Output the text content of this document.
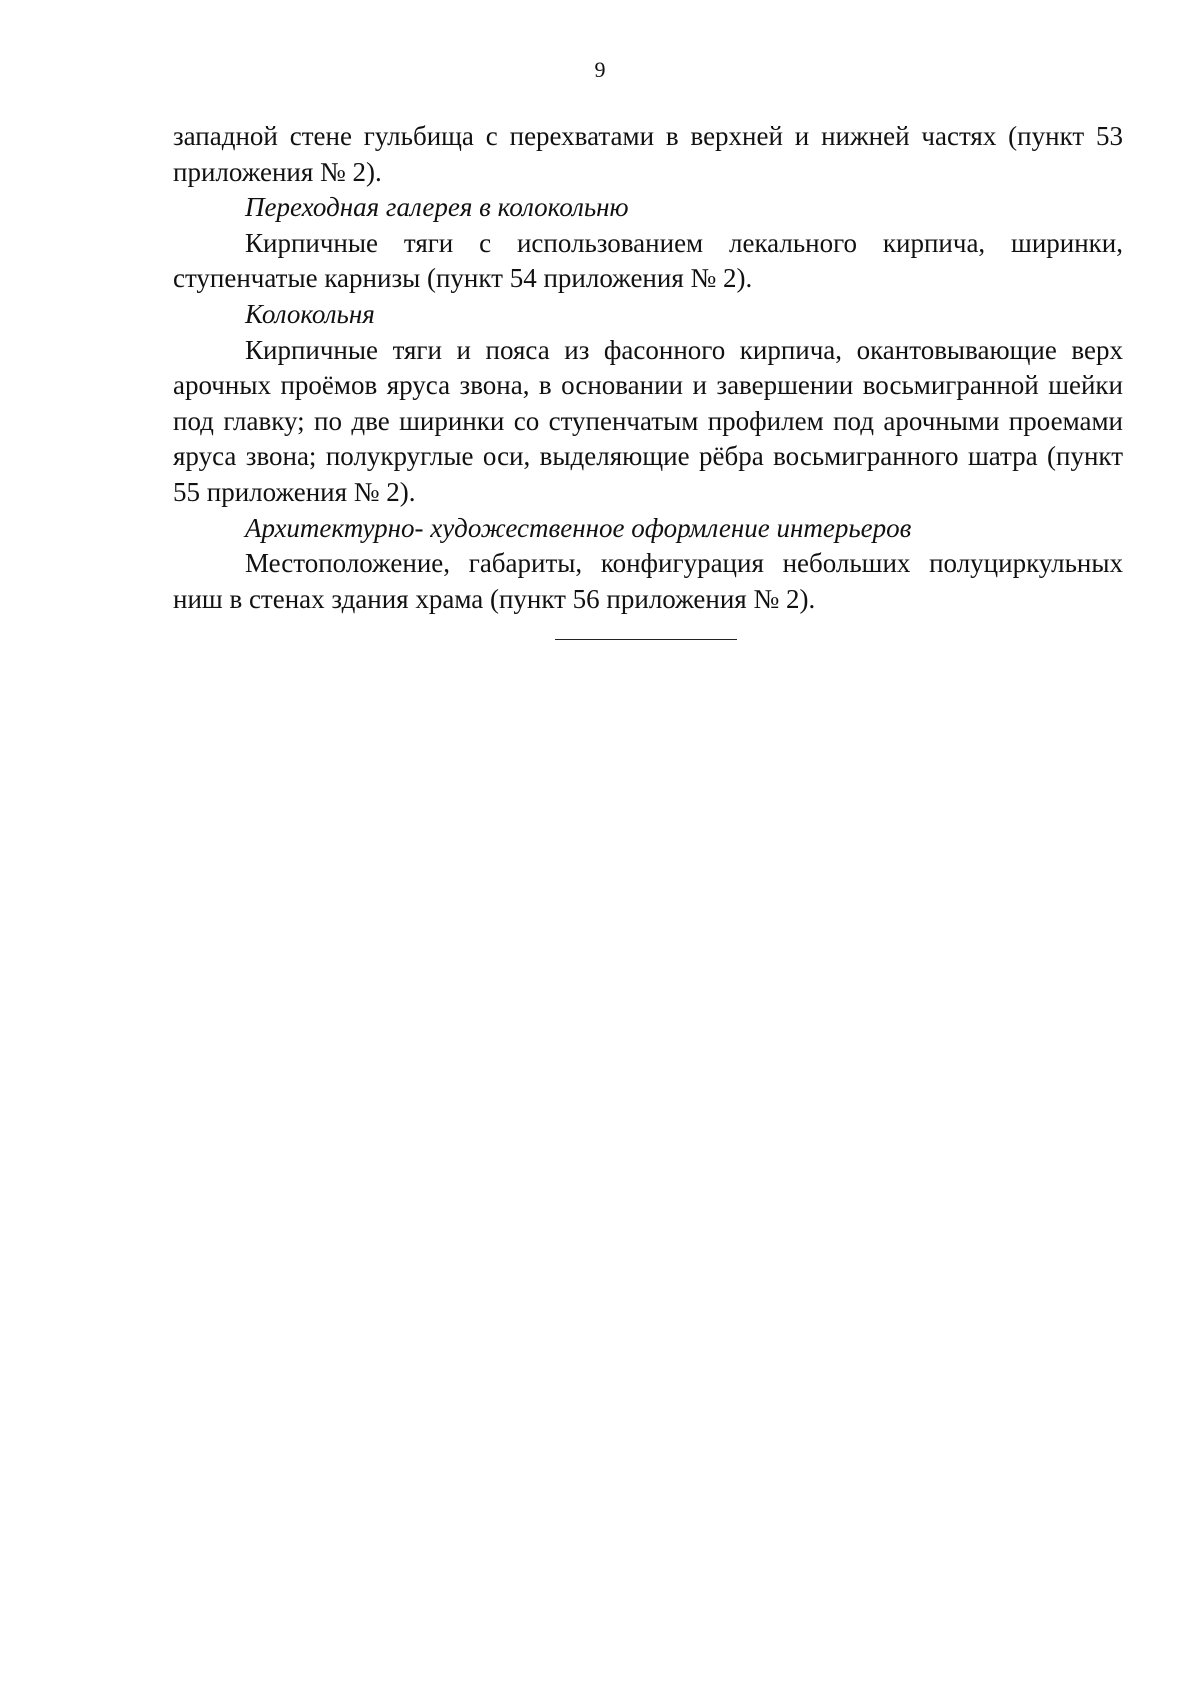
9

западной стене гульбища с перехватами в верхней и нижней частях (пункт 53 приложения № 2).

Переходная галерея в колокольню

Кирпичные тяги с использованием лекального кирпича, ширинки, ступенчатые карнизы (пункт 54 приложения № 2).

Колокольня

Кирпичные тяги и пояса из фасонного кирпича, окантовывающие верх арочных проёмов яруса звона, в основании и завершении восьмигранной шейки под главку; по две ширинки со ступенчатым профилем под арочными проемами яруса звона; полукруглые оси, выделяющие рёбра восьмигранного шатра (пункт 55 приложения № 2).

Архитектурно- художественное оформление интерьеров

Местоположение, габариты, конфигурация небольших полуциркульных ниш в стенах здания храма (пункт 56 приложения № 2).
